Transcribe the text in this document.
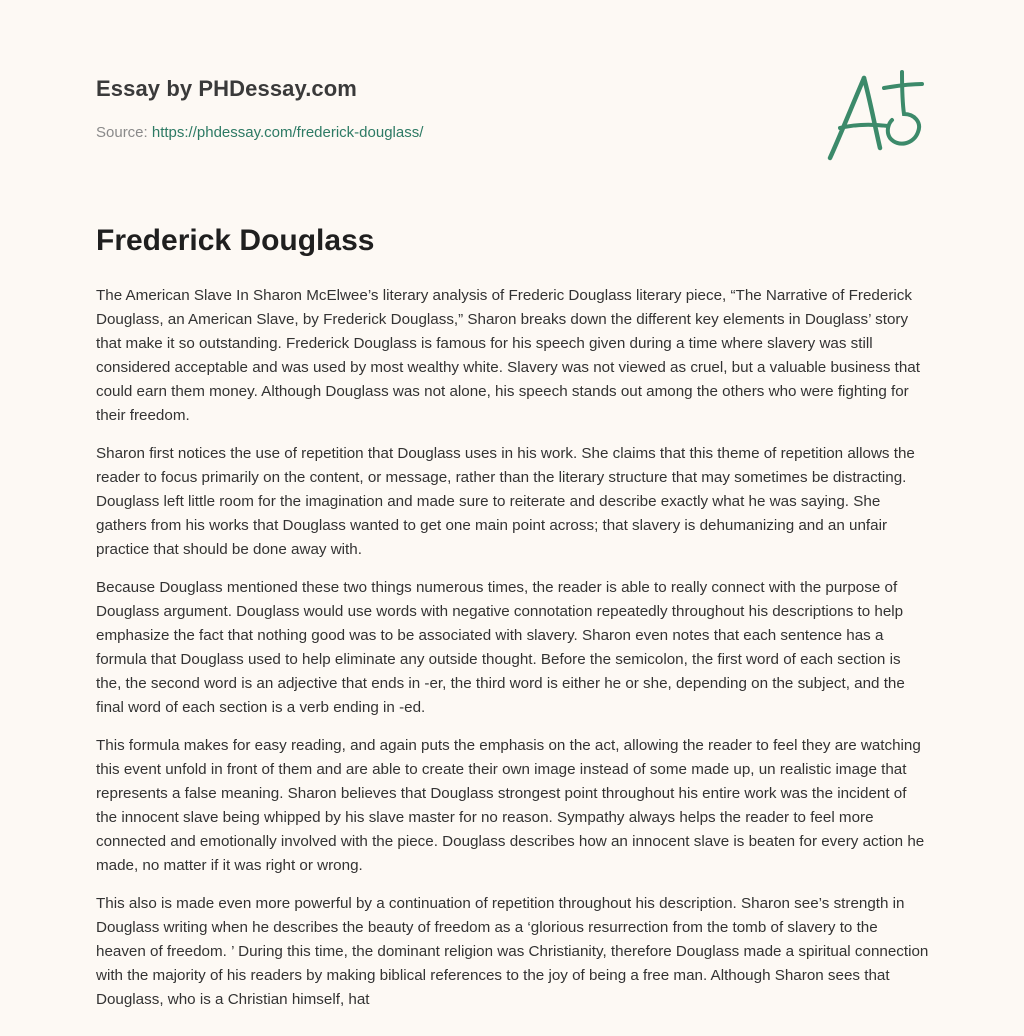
Essay by PHDessay.com
Source: https://phdessay.com/frederick-douglass/
Frederick Douglass

The American Slave In Sharon McElwee’s literary analysis of Frederic Douglass literary piece, “The Narrative of Frederick Douglass, an American Slave, by Frederick Douglass,” Sharon breaks down the different key elements in Douglass’ story that make it so outstanding. Frederick Douglass is famous for his speech given during a time where slavery was still considered acceptable and was used by most wealthy white. Slavery was not viewed as cruel, but a valuable business that could earn them money. Although Douglass was not alone, his speech stands out among the others who were fighting for their freedom.

Sharon first notices the use of repetition that Douglass uses in his work. She claims that this theme of repetition allows the reader to focus primarily on the content, or message, rather than the literary structure that may sometimes be distracting. Douglass left little room for the imagination and made sure to reiterate and describe exactly what he was saying. She gathers from his works that Douglass wanted to get one main point across; that slavery is dehumanizing and an unfair practice that should be done away with.

Because Douglass mentioned these two things numerous times, the reader is able to really connect with the purpose of Douglass argument. Douglass would use words with negative connotation repeatedly throughout his descriptions to help emphasize the fact that nothing good was to be associated with slavery. Sharon even notes that each sentence has a formula that Douglass used to help eliminate any outside thought. Before the semicolon, the first word of each section is the, the second word is an adjective that ends in -er, the third word is either he or she, depending on the subject, and the final word of each section is a verb ending in -ed.

This formula makes for easy reading, and again puts the emphasis on the act, allowing the reader to feel they are watching this event unfold in front of them and are able to create their own image instead of some made up, un realistic image that represents a false meaning. Sharon believes that Douglass strongest point throughout his entire work was the incident of the innocent slave being whipped by his slave master for no reason. Sympathy always helps the reader to feel more connected and emotionally involved with the piece. Douglass describes how an innocent slave is beaten for every action he made, no matter if it was right or wrong.

This also is made even more powerful by a continuation of repetition throughout his description. Sharon see’s strength in Douglass writing when he describes the beauty of freedom as a ‘glorious resurrection from the tomb of slavery to the heaven of freedom. ’ During this time, the dominant religion was Christianity, therefore Douglass made a spiritual connection with the majority of his readers by making biblical references to the joy of being a free man. Although Sharon sees that Douglass, who is a Christian himself, hat
